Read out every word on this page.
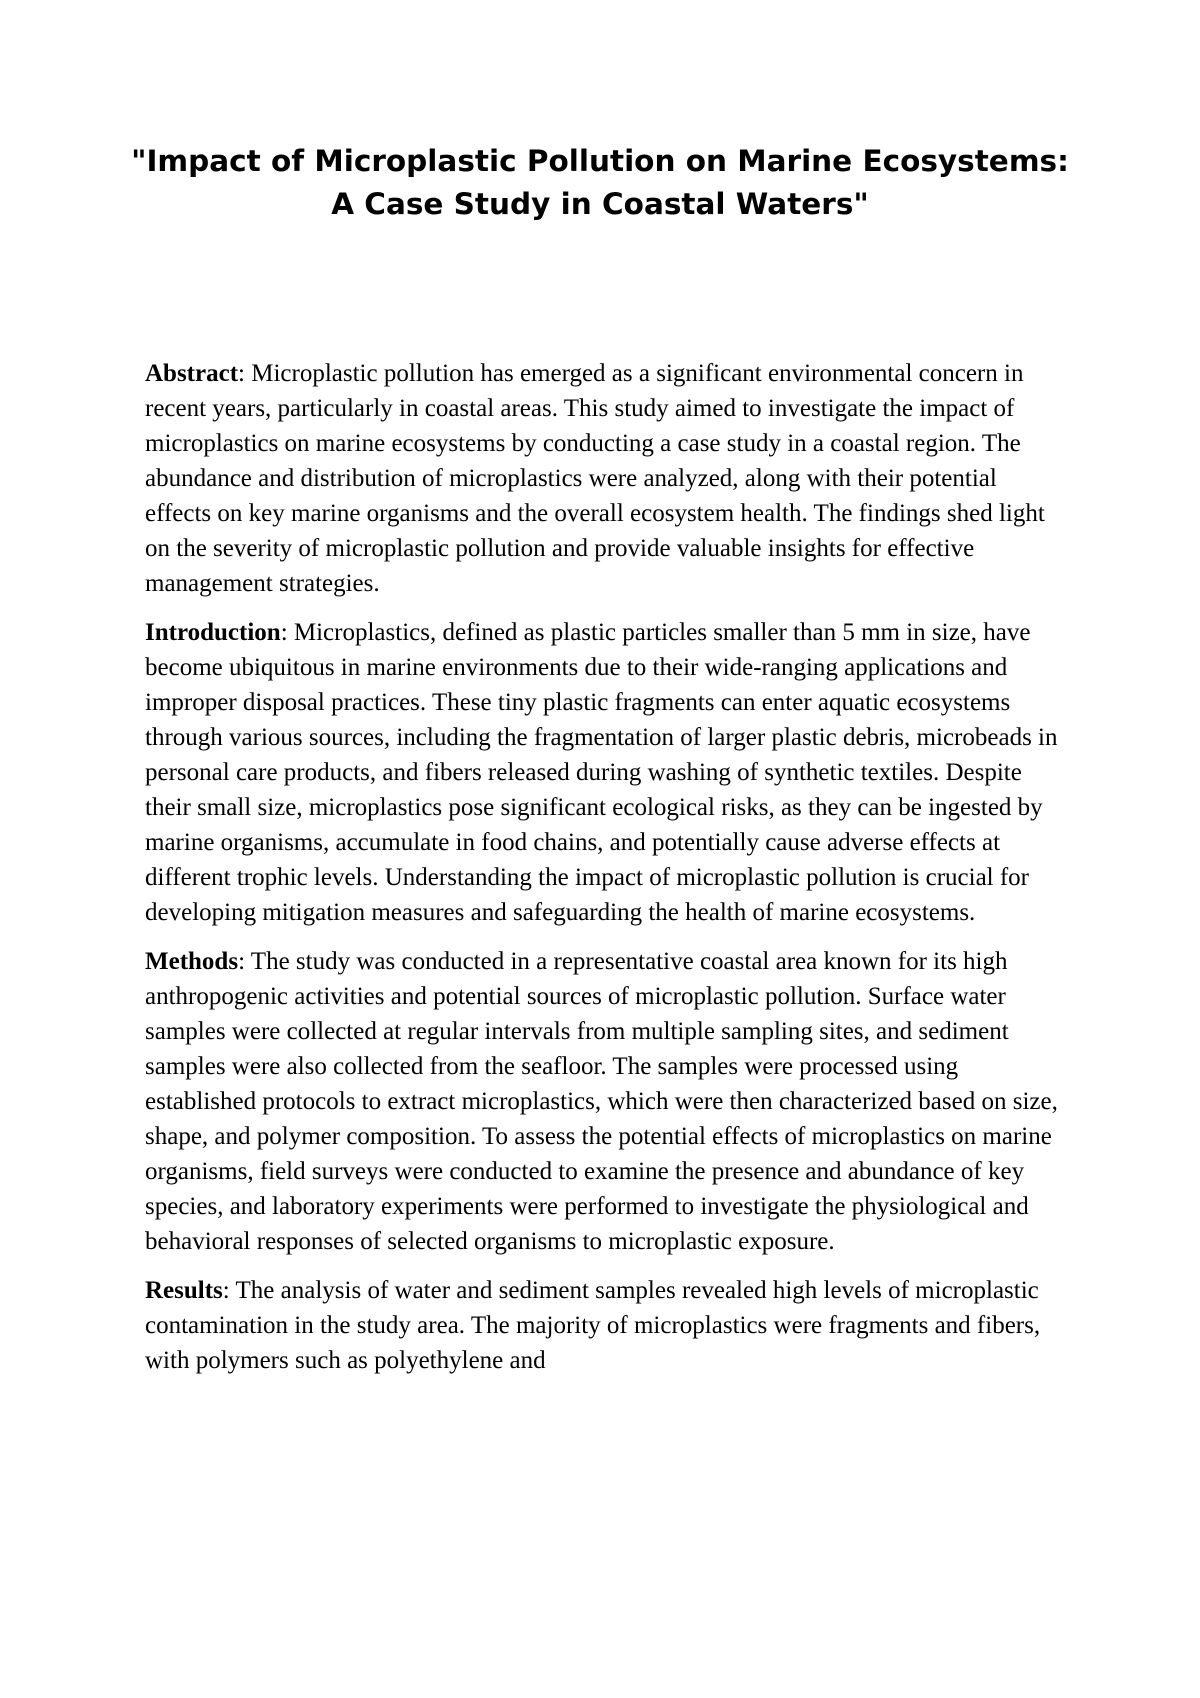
"Impact of Microplastic Pollution on Marine Ecosystems: A Case Study in Coastal Waters"

Abstract: Microplastic pollution has emerged as a significant environmental concern in recent years, particularly in coastal areas. This study aimed to investigate the impact of microplastics on marine ecosystems by conducting a case study in a coastal region. The abundance and distribution of microplastics were analyzed, along with their potential effects on key marine organisms and the overall ecosystem health. The findings shed light on the severity of microplastic pollution and provide valuable insights for effective management strategies.

Introduction: Microplastics, defined as plastic particles smaller than 5 mm in size, have become ubiquitous in marine environments due to their wide-ranging applications and improper disposal practices. These tiny plastic fragments can enter aquatic ecosystems through various sources, including the fragmentation of larger plastic debris, microbeads in personal care products, and fibers released during washing of synthetic textiles. Despite their small size, microplastics pose significant ecological risks, as they can be ingested by marine organisms, accumulate in food chains, and potentially cause adverse effects at different trophic levels. Understanding the impact of microplastic pollution is crucial for developing mitigation measures and safeguarding the health of marine ecosystems.

Methods: The study was conducted in a representative coastal area known for its high anthropogenic activities and potential sources of microplastic pollution. Surface water samples were collected at regular intervals from multiple sampling sites, and sediment samples were also collected from the seafloor. The samples were processed using established protocols to extract microplastics, which were then characterized based on size, shape, and polymer composition. To assess the potential effects of microplastics on marine organisms, field surveys were conducted to examine the presence and abundance of key species, and laboratory experiments were performed to investigate the physiological and behavioral responses of selected organisms to microplastic exposure.

Results: The analysis of water and sediment samples revealed high levels of microplastic contamination in the study area. The majority of microplastics were fragments and fibers, with polymers such as polyethylene and
